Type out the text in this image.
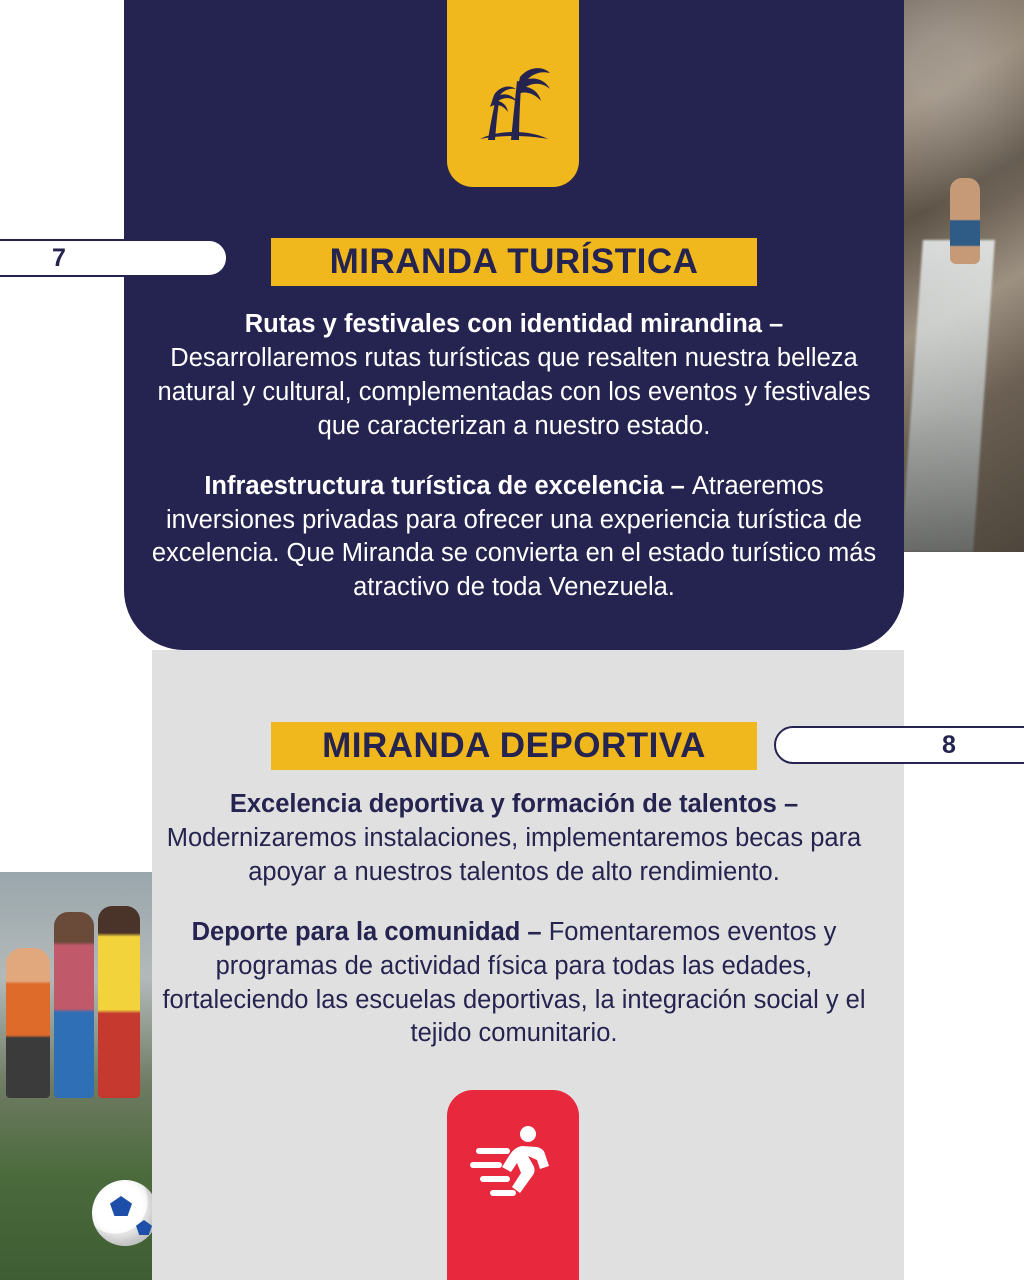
7	MIRANDA TURÍSTICA

Rutas y festivales con identidad mirandina – Desarrollaremos rutas turísticas que resalten nuestra belleza natural y cultural, complementadas con los eventos y festivales que caracterizan a nuestro estado.

Infraestructura turística de excelencia – Atraeremos inversiones privadas para ofrecer una experiencia turística de excelencia. Que Miranda se convierta en el estado turístico más atractivo de toda Venezuela.

MIRANDA DEPORTIVA	8

Excelencia deportiva y formación de talentos – Modernizaremos instalaciones, implementaremos becas para apoyar a nuestros talentos de alto rendimiento.

Deporte para la comunidad – Fomentaremos eventos y programas de actividad física para todas las edades, fortaleciendo las escuelas deportivas, la integración social y el tejido comunitario.
